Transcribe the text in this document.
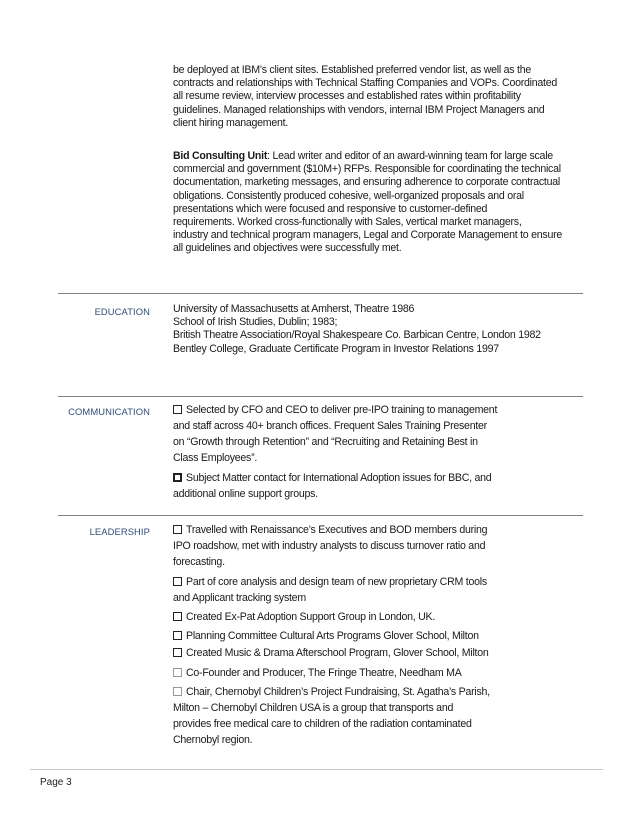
be deployed at IBM’s client sites. Established preferred vendor list, as well as the

contracts and relationships with Technical Staffing Companies and VOPs. Coordinated

all resume review, interview processes and established rates within profitability

guidelines. Managed relationships with vendors, internal IBM Project Managers and

client hiring management.

Bid Consulting Unit: Lead writer and editor of an award-winning team for large scale

commercial and government ($10M+) RFPs. Responsible for coordinating the technical

documentation, marketing messages, and ensuring adherence to corporate contractual

obligations. Consistently produced cohesive, well-organized proposals and oral

presentations which were focused and responsive to customer-defined

requirements. Worked cross-functionally with Sales, vertical market managers,

industry and technical program managers, Legal and Corporate Management to ensure

all guidelines and objectives were successfully met.

EDUCATION University of Massachusetts at Amherst, Theatre 1986

School of Irish Studies, Dublin; 1983;

British Theatre Association/Royal Shakespeare Co. Barbican Centre, London 1982

Bentley College, Graduate Certificate Program in Investor Relations 1997

COMMUNICATION	Selected by CFO and CEO to deliver pre-IPO training to management

and staff across 40+ branch offices. Frequent Sales Training Presenter

on “Growth through Retention” and “Recruiting and Retaining Best in

Class Employees”.

Subject Matter contact for International Adoption issues for BBC, and

additional online support groups.

LEADERSHIP	Travelled with Renaissance’s Executives and BOD members during

IPO roadshow, met with industry analysts to discuss turnover ratio and

forecasting.

Part of core analysis and design team of new proprietary CRM tools

and Applicant tracking system

Created Ex-Pat Adoption Support Group in London, UK.

Planning Committee Cultural Arts Programs Glover School, Milton

Created Music & Drama Afterschool Program, Glover School, Milton

Co-Founder and Producer, The Fringe Theatre, Needham MA

Chair, Chernobyl Children’s Project Fundraising, St. Agatha’s Parish,

Milton – Chernobyl Children USA is a group that transports and

provides free medical care to children of the radiation contaminated

Chernobyl region.

Page 3
